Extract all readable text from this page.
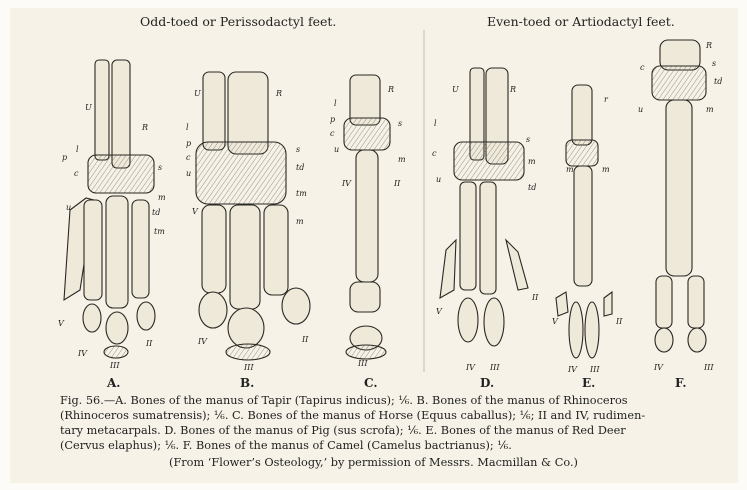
Odd-toed or Perissodactyl feet.	Even-toed or Artiodactyl feet.
U
R
p
l
c
s
u
m
td
tm
V
IV
III
II
U	R
l
p
c
u
s
td
tm
m
V
IV
III
II
R
l
p
c
u
s
m
IV	II
III
U	R
l
c
u
s
m
td
V
IV III
II
r
m	m
V
IV III
II
R
s
c
td
u	m
IV	III
A.	B.	C.	D.	E.	F.
Fig. 56.—A. Bones of the manus of Tapir (Tapirus indicus); ⅙. B. Bones of the manus of Rhinoceros
(Rhinoceros sumatrensis); ⅙. C. Bones of the manus of Horse (Equus caballus); ⅙; II and IV, rudimen-
tary metacarpals. D. Bones of the manus of Pig (sus scrofa); ⅙. E. Bones of the manus of Red Deer
(Cervus elaphus); ⅙. F. Bones of the manus of Camel (Camelus bactrianus); ⅙.
(From ‘Flower’s Osteology,’ by permission of Messrs. Macmillan & Co.)
